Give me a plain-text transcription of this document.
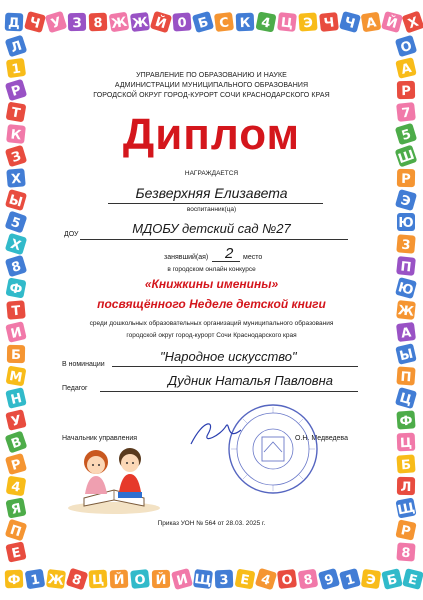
Д
Ф
Ч
1
У
Ж
З
8
8
Ц
Ж
Й
Ж
О
Й
Й
0
И
Б
Щ
С
3
К
Е
4
4
Ц
О
Э
8
Ч
9
Ч
1
А
Э
Й
Б
Х
Е
Л	О
1	А
Р	Р
Т	7
К	5
З	Ш
Х	Р
Ы	Э
5	Ю
Х	3
8	П
Ф	Ю
Т	Ж
И	А
Б	Ы
М	П
Н	Ц
У	Ф
В	Ц
Р	Б
4	Л
Я	Щ
П	Р
Е	8
УПРАВЛЕНИЕ ПО ОБРАЗОВАНИЮ И НАУКЕ
АДМИНИСТРАЦИИ МУНИЦИПАЛЬНОГО ОБРАЗОВАНИЯ
ГОРОДСКОЙ ОКРУГ ГОРОД-КУРОРТ СОЧИ КРАСНОДАРСКОГО КРАЯ
Диплом
НАГРАЖДАЕТСЯ
Безверхняя Елизавета
воспитанник(ца)
ДОУ	МДОБУ детский сад №27
занявший(ая) 2 место
в городском онлайн конкурсе
«Книжкины именины»
посвящённого Неделе детской книги
среди дошкольных образовательных организаций муниципального образования
городской округ город-курорт Сочи Краснодарского края
В номинации
"Народное искусство"
Педагог
Дудник Наталья Павловна
Начальник управления	О.Н. Медведева
Приказ УОН № 564 от 28.03. 2025 г.
